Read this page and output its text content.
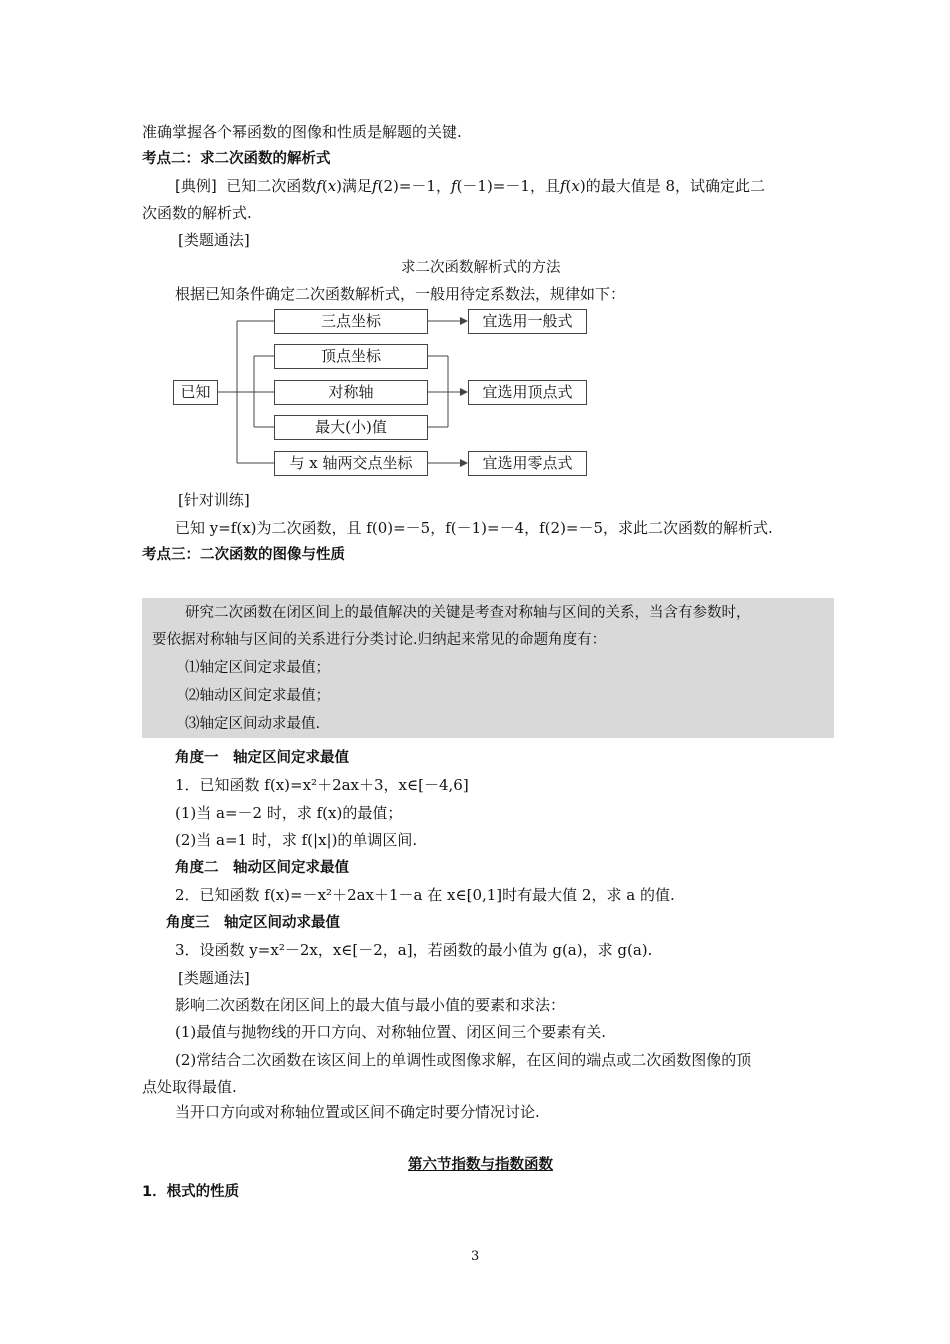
准确掌握各个幂函数的图像和性质是解题的关键.
考点二：求二次函数的解析式
[典例] 已知二次函数f(x)满足f(2)=－1，f(－1)=－1，且f(x)的最大值是 8，试确定此二
次函数的解析式.
[类题通法]
求二次函数解析式的方法
根据已知条件确定二次函数解析式，一般用待定系数法，规律如下：
已知
三点坐标
顶点坐标
对称轴
最大(小)值
与 x 轴两交点坐标
宜选用一般式
宜选用顶点式
宜选用零点式
[针对训练]
已知 y=f(x)为二次函数，且 f(0)=－5，f(－1)=－4，f(2)=－5，求此二次函数的解析式.
考点三：二次函数的图像与性质
研究二次函数在闭区间上的最值解决的关键是考查对称轴与区间的关系，当含有参数时，
要依据对称轴与区间的关系进行分类讨论.归纳起来常见的命题角度有：
⑴轴定区间定求最值；
⑵轴动区间定求最值；
⑶轴定区间动求最值.
角度一　轴定区间定求最值
1．已知函数 f(x)=x²＋2ax＋3，x∈[－4,6]
(1)当 a=－2 时，求 f(x)的最值；
(2)当 a=1 时，求 f(|x|)的单调区间.
角度二　轴动区间定求最值
2．已知函数 f(x)=－x²＋2ax＋1－a 在 x∈[0,1]时有最大值 2，求 a 的值.
角度三　轴定区间动求最值
3．设函数 y=x²－2x，x∈[－2，a]，若函数的最小值为 g(a)，求 g(a).
[类题通法]
影响二次函数在闭区间上的最大值与最小值的要素和求法：
(1)最值与抛物线的开口方向、对称轴位置、闭区间三个要素有关.
(2)常结合二次函数在该区间上的单调性或图像求解，在区间的端点或二次函数图像的顶
点处取得最值.
当开口方向或对称轴位置或区间不确定时要分情况讨论.
第六节指数与指数函数
1．根式的性质
3
